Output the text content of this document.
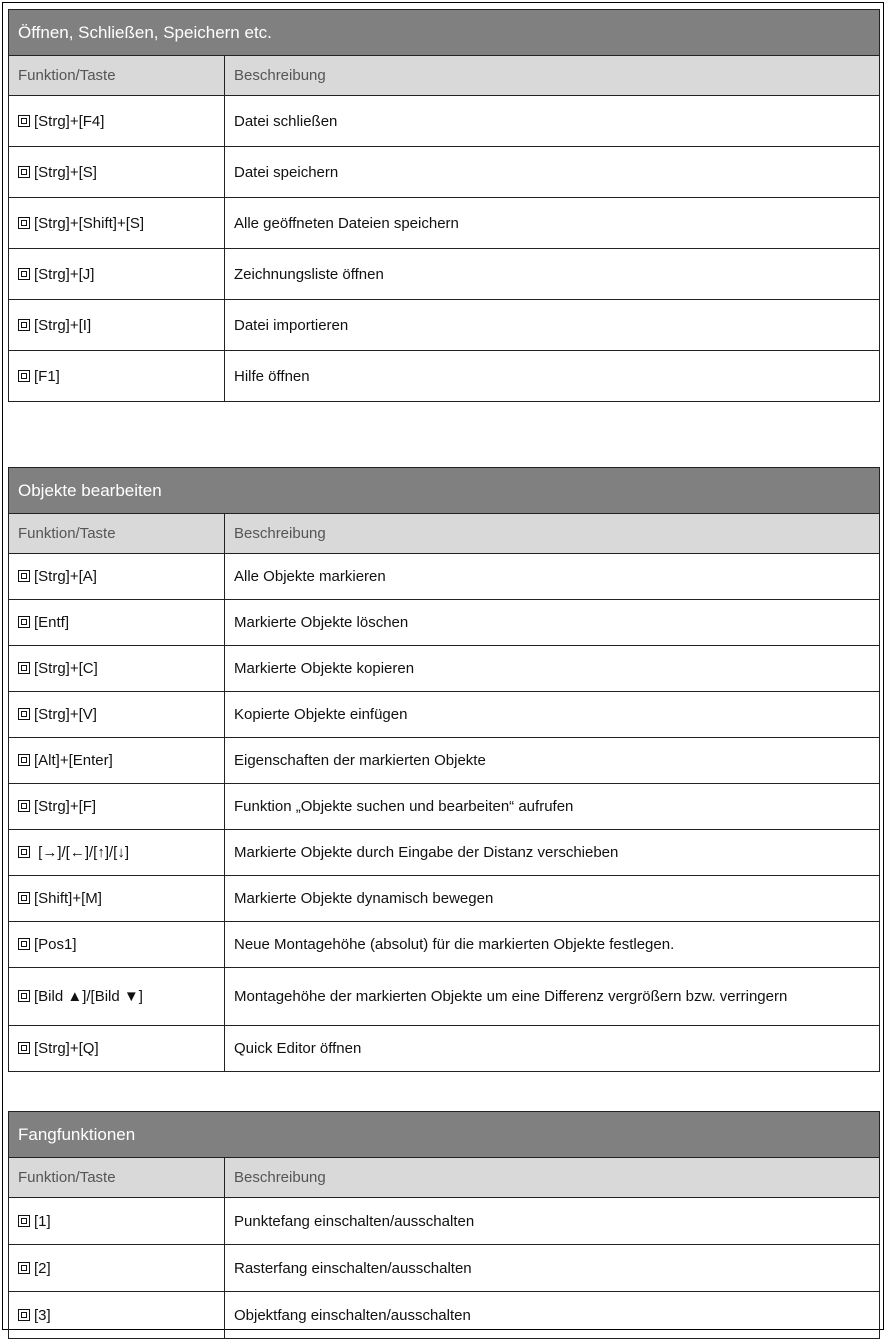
Öffnen, Schließen, Speichern etc.	
Funktion/Taste	Beschreibung
[Strg]+[F4]	Datei schließen
[Strg]+[S]	Datei speichern
[Strg]+[Shift]+[S]	Alle geöffneten Dateien speichern
[Strg]+[J]	Zeichnungsliste öffnen
[Strg]+[I]	Datei importieren
[F1]	Hilfe öffnen
Objekte bearbeiten	
Funktion/Taste	Beschreibung
[Strg]+[A]	Alle Objekte markieren
[Entf]	Markierte Objekte löschen
[Strg]+[C]	Markierte Objekte kopieren
[Strg]+[V]	Kopierte Objekte einfügen
[Alt]+[Enter]	Eigenschaften der markierten Objekte
[Strg]+[F]	Funktion „Objekte suchen und bearbeiten“ aufrufen
[→]/[←]/[↑]/[↓]	Markierte Objekte durch Eingabe der Distanz verschieben
[Shift]+[M]	Markierte Objekte dynamisch bewegen
[Pos1]	Neue Montagehöhe (absolut) für die markierten Objekte festlegen.
[Bild ▲]/[Bild ▼]	Montagehöhe der markierten Objekte um eine Differenz vergrößern bzw. verringern
[Strg]+[Q]	Quick Editor öffnen
Fangfunktionen	
Funktion/Taste	Beschreibung
[1]	Punktefang einschalten/ausschalten
[2]	Rasterfang einschalten/ausschalten
[3]	Objektfang einschalten/ausschalten
